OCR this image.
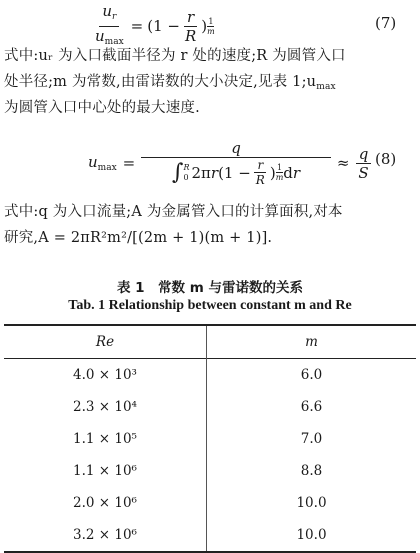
$\frac{u_r}{u_{max}} = (1 - \frac{r}{R}$ ) 1
m	(7)
式中:uᵣ 为入口截面半径为 r 处的速度;R 为圆管入口
处半径;m 为常数,由雷诺数的大小决定,见表 $1;u_{max}$
为圆管入口中心处的最大速度.
$u_{max}$ =
q
∫ R
0 $2\pi r(1 - \frac{r}{R}$ ) 1
m dr
≈ $\frac{q}{S} (8)$
式中:q 为入口流量;A 为金属管入口的计算面积,对本
研究,A = 2πR²m²/[(2m + 1)(m + 1)].
表 1　常数 m 与雷诺数的关系
Tab. 1 Relationship between constant m and Re
Re	m
4.0 × 10³	6.0
2.3 × 10⁴	6.6
1.1 × 10⁵	7.0
1.1 × 10⁶	8.8
2.0 × 10⁶	10.0
3.2 × 10⁶	10.0
